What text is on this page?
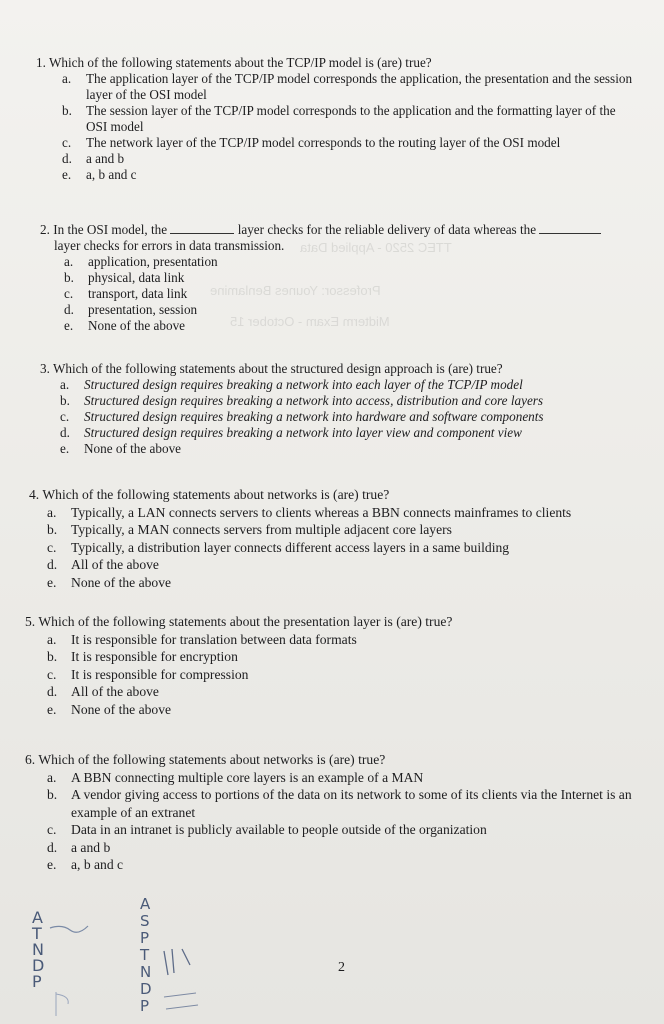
TTEC 2520 - Applied Data
Professor: Younes Benlamine
Midterm Exam - October 15
1. Which of the following statements about the TCP/IP model is (are) true?
a.	The application layer of the TCP/IP model corresponds the application, the presentation and the session layer of the OSI model
b.	The session layer of the TCP/IP model corresponds to the application and the formatting layer of the OSI model
c.	The network layer of the TCP/IP model corresponds to the routing layer of the OSI model
d.	a and b
e.	a, b and c
2. In the OSI model, the	layer checks for the reliable delivery of data whereas the
layer checks for errors in data transmission.
a.	application, presentation
b.	physical, data link
c.	transport, data link
d.	presentation, session
e.	None of the above
3. Which of the following statements about the structured design approach is (are) true?
a.	Structured design requires breaking a network into each layer of the TCP/IP model
b.	Structured design requires breaking a network into access, distribution and core layers
c.	Structured design requires breaking a network into hardware and software components
d.	Structured design requires breaking a network into layer view and component view
e.	None of the above
4. Which of the following statements about networks is (are) true?
a.	Typically, a LAN connects servers to clients whereas a BBN connects mainframes to clients
b.	Typically, a MAN connects servers from multiple adjacent core layers
c.	Typically, a distribution layer connects different access layers in a same building
d.	All of the above
e.	None of the above
5. Which of the following statements about the presentation layer is (are) true?
a.	It is responsible for translation between data formats
b.	It is responsible for encryption
c.	It is responsible for compression
d.	All of the above
e.	None of the above
6. Which of the following statements about networks is (are) true?
a.	A BBN connecting multiple core layers is an example of a MAN
b.	A vendor giving access to portions of the data on its network to some of its clients via the Internet is an example of an extranet
c.	Data in an intranet is publicly available to people outside of the organization
d.	a and b
e.	a, b and c
2
A
T
N
D
P
A
S
P
T
N
D
P
